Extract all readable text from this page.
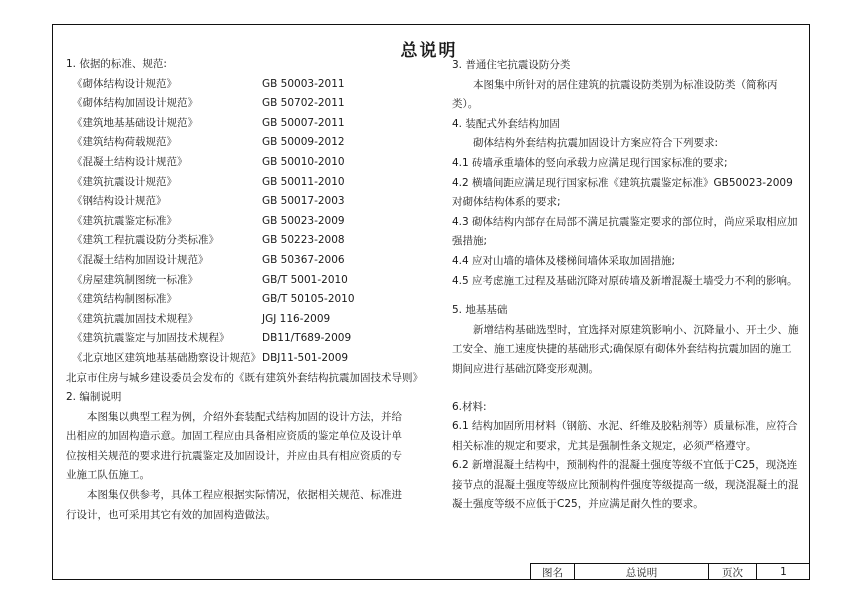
总说明
1. 依据的标准、规范:
《砌体结构设计规范》	GB 50003-2011
《砌体结构加固设计规范》	GB 50702-2011
《建筑地基基础设计规范》	GB 50007-2011
《建筑结构荷载规范》	GB 50009-2012
《混凝土结构设计规范》	GB 50010-2010
《建筑抗震设计规范》	GB 50011-2010
《钢结构设计规范》	GB 50017-2003
《建筑抗震鉴定标准》	GB 50023-2009
《建筑工程抗震设防分类标准》	GB 50223-2008
《混凝土结构加固设计规范》	GB 50367-2006
《房屋建筑制图统一标准》	GB/T 5001-2010
《建筑结构制图标准》	GB/T 50105-2010
《建筑抗震加固技术规程》	JGJ 116-2009
《建筑抗震鉴定与加固技术规程》	DB11/T689-2009
《北京地区建筑地基基础勘察设计规范》 DBJ11-501-2009
北京市住房与城乡建设委员会发布的《既有建筑外套结构抗震加固技术导则》
2. 编制说明
本图集以典型工程为例，介绍外套装配式结构加固的设计方法，并给出相应的加固构造示意。加固工程应由具备相应资质的鉴定单位及设计单位按相关规范的要求进行抗震鉴定及加固设计，并应由具有相应资质的专业施工队伍施工。
本图集仅供参考，具体工程应根据实际情况，依据相关规范、标准进行设计，也可采用其它有效的加固构造做法。
3. 普通住宅抗震设防分类
本图集中所针对的居住建筑的抗震设防类别为标准设防类（简称丙类）。
4. 装配式外套结构加固
砌体结构外套结构抗震加固设计方案应符合下列要求:
4.1 砖墙承重墙体的竖向承载力应满足现行国家标准的要求;
4.2 横墙间距应满足现行国家标准《建筑抗震鉴定标准》GB50023-2009对砌体结构体系的要求;
4.3 砌体结构内部存在局部不满足抗震鉴定要求的部位时，尚应采取相应加强措施;
4.4 应对山墙的墙体及楼梯间墙体采取加固措施;
4.5 应考虑施工过程及基础沉降对原砖墙及新增混凝土墙受力不利的影响。
5. 地基基础
新增结构基础选型时，宜选择对原建筑影响小、沉降量小、开土少、施工安全、施工速度快捷的基础形式;确保原有砌体外套结构抗震加固的施工期间应进行基础沉降变形观测。
6.材料:
6.1 结构加固所用材料（钢筋、水泥、纤维及胶粘剂等）质量标准，应符合相关标准的规定和要求，尤其是强制性条文规定，必须严格遵守。
6.2 新增混凝土结构中，预制构件的混凝土强度等级不宜低于C25，现浇连接节点的混凝土强度等级应比预制构件强度等级提高一级，现浇混凝土的混凝土强度等级不应低于C25，并应满足耐久性的要求。
图名	总说明	页次	1
